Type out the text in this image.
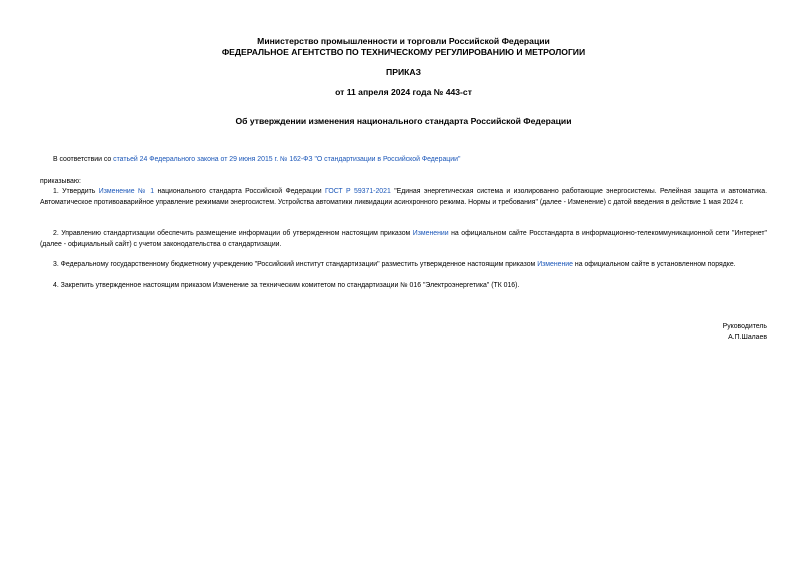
Министерство промышленности и торговли Российской Федерации
ФЕДЕРАЛЬНОЕ АГЕНТСТВО ПО ТЕХНИЧЕСКОМУ РЕГУЛИРОВАНИЮ И МЕТРОЛОГИИ
ПРИКАЗ
от 11 апреля 2024 года № 443-ст
Об утверждении изменения национального стандарта Российской Федерации
В соответствии со статьей 24 Федерального закона от 29 июня 2015 г. № 162-ФЗ "О стандартизации в Российской Федерации"
приказываю:
1. Утвердить Изменение № 1 национального стандарта Российской Федерации ГОСТ Р 59371-2021 "Единая энергетическая система и изолированно работающие энергосистемы. Релейная защита и автоматика. Автоматическое противоаварийное управление режимами энергосистем. Устройства автоматики ликвидации асинхронного режима. Нормы и требования" (далее - Изменение) с датой введения в действие 1 мая 2024 г.
2. Управлению стандартизации обеспечить размещение информации об утвержденном настоящим приказом Изменении на официальном сайте Росстандарта в информационно-телекоммуникационной сети "Интернет" (далее - официальный сайт) с учетом законодательства о стандартизации.
3. Федеральному государственному бюджетному учреждению "Российский институт стандартизации" разместить утвержденное настоящим приказом Изменение на официальном сайте в установленном порядке.
4. Закрепить утвержденное настоящим приказом Изменение за техническим комитетом по стандартизации № 016 "Электроэнергетика" (ТК 016).
Руководитель
А.П.Шалаев
